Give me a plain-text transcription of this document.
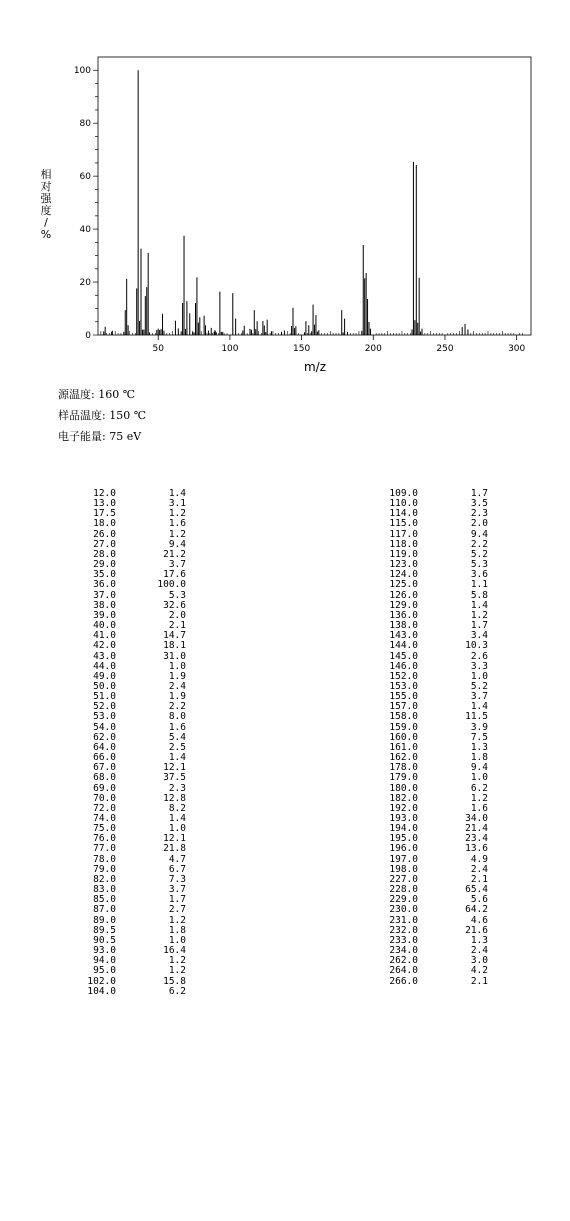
50	100	150	200	250	300
0
20
40
60
80
100
m/z
相
对
强
度
/
%
源温度: 160 ℃
样品温度: 150 ℃
电子能量: 75 eV
12.0	1.4
13.0	3.1
17.5	1.2
18.0	1.6
26.0	1.2
27.0	9.4
28.0	21.2
29.0	3.7
35.0	17.6
36.0	100.0
37.0	5.3
38.0	32.6
39.0	2.0
40.0	2.1
41.0	14.7
42.0	18.1
43.0	31.0
44.0	1.0
49.0	1.9
50.0	2.4
51.0	1.9
52.0	2.2
53.0	8.0
54.0	1.6
62.0	5.4
64.0	2.5
66.0	1.4
67.0	12.1
68.0	37.5
69.0	2.3
70.0	12.8
72.0	8.2
74.0	1.4
75.0	1.0
76.0	12.1
77.0	21.8
78.0	4.7
79.0	6.7
82.0	7.3
83.0	3.7
85.0	1.7
87.0	2.7
89.0	1.2
89.5	1.8
90.5	1.0
93.0	16.4
94.0	1.2
95.0	1.2
102.0	15.8
104.0	6.2
109.0	1.7
110.0	3.5
114.0	2.3
115.0	2.0
117.0	9.4
118.0	2.2
119.0	5.2
123.0	5.3
124.0	3.6
125.0	1.1
126.0	5.8
129.0	1.4
136.0	1.2
138.0	1.7
143.0	3.4
144.0	10.3
145.0	2.6
146.0	3.3
152.0	1.0
153.0	5.2
155.0	3.7
157.0	1.4
158.0	11.5
159.0	3.9
160.0	7.5
161.0	1.3
162.0	1.8
178.0	9.4
179.0	1.0
180.0	6.2
182.0	1.2
192.0	1.6
193.0	34.0
194.0	21.4
195.0	23.4
196.0	13.6
197.0	4.9
198.0	2.4
227.0	2.1
228.0	65.4
229.0	5.6
230.0	64.2
231.0	4.6
232.0	21.6
233.0	1.3
234.0	2.4
262.0	3.0
264.0	4.2
266.0	2.1
